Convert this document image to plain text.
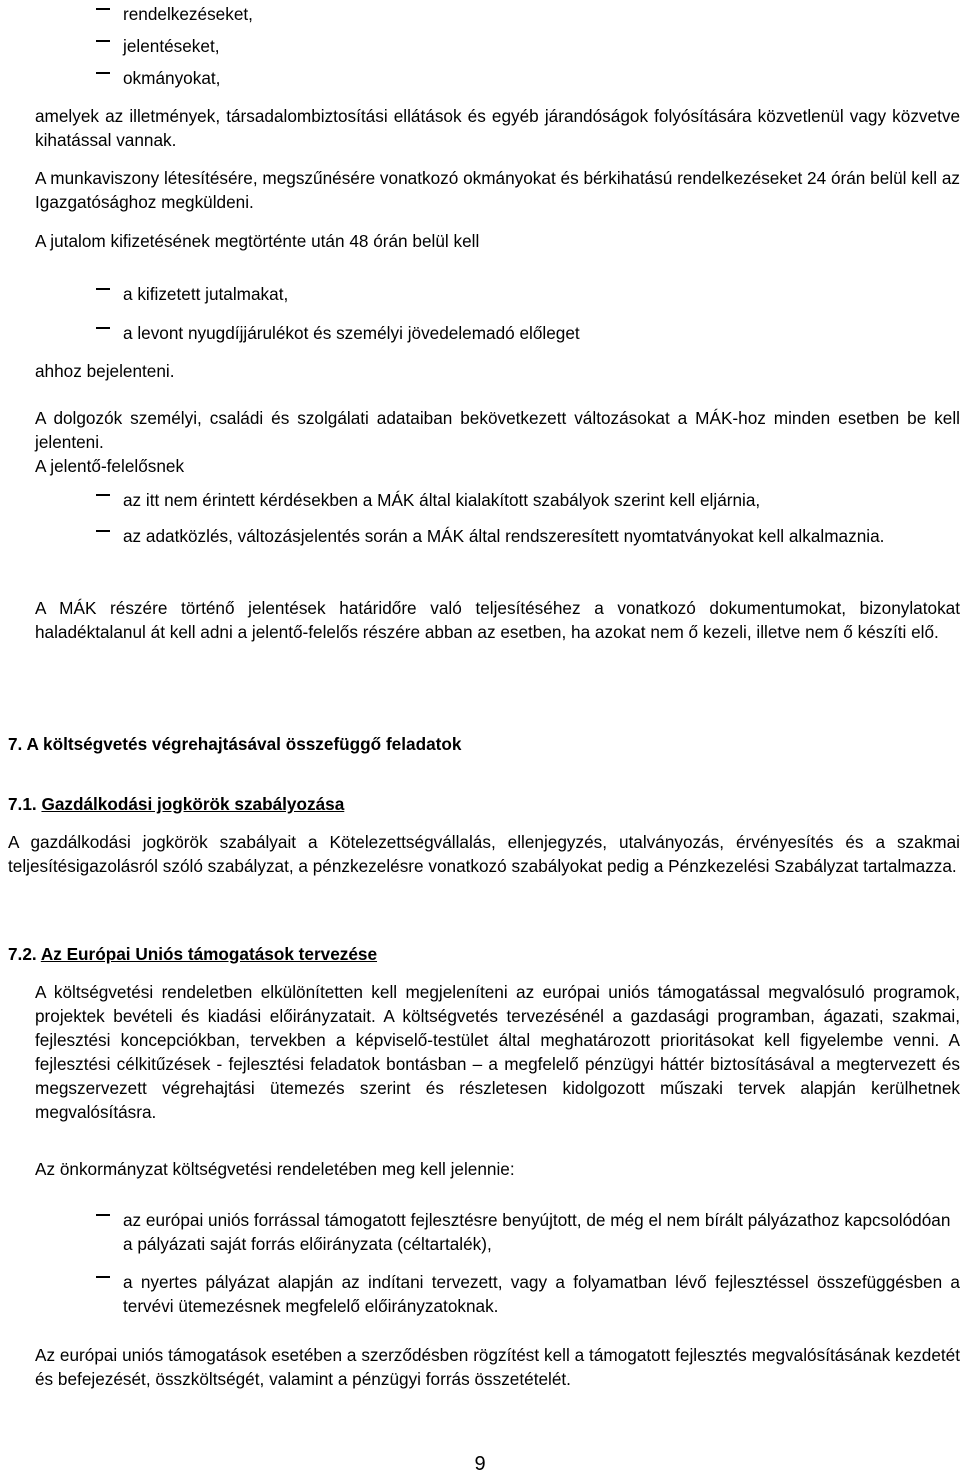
rendelkezéseket,

jelentéseket,

okmányokat,

amelyek az illetmények, társadalombiztosítási ellátások és egyéb járandóságok folyósítására közvetlenül vagy közvetve kihatással vannak.

A munkaviszony létesítésére, megszűnésére vonatkozó okmányokat és bérkihatású rendelkezéseket 24 órán belül kell az Igazgatósághoz megküldeni.

A jutalom kifizetésének megtörténte után 48 órán belül kell

a kifizetett jutalmakat,

a levont nyugdíjjárulékot és személyi jövedelemadó előleget

ahhoz bejelenteni.

A dolgozók személyi, családi és szolgálati adataiban bekövetkezett változásokat a MÁK-hoz minden esetben be kell jelenteni.

A jelentő-felelősnek

az itt nem érintett kérdésekben a MÁK által kialakított szabályok szerint kell eljárnia,

az adatközlés, változásjelentés során a MÁK által rendszeresített nyomtatványokat kell alkalmaznia.

A MÁK részére történő jelentések határidőre való teljesítéséhez a vonatkozó dokumentumokat, bizonylatokat haladéktalanul át kell adni a jelentő-felelős részére abban az esetben, ha azokat nem ő kezeli, illetve nem ő készíti elő.

7. A költségvetés végrehajtásával összefüggő feladatok

7.1. Gazdálkodási jogkörök szabályozása

A gazdálkodási jogkörök szabályait a Kötelezettségvállalás, ellenjegyzés, utalványozás, érvényesítés és a szakmai teljesítésigazolásról szóló szabályzat, a pénzkezelésre vonatkozó szabályokat pedig a Pénzkezelési Szabályzat tartalmazza.

7.2. Az Európai Uniós támogatások tervezése

A költségvetési rendeletben elkülönítetten kell megjeleníteni az európai uniós támogatással megvalósuló programok, projektek bevételi és kiadási előirányzatait. A költségvetés tervezésénél a gazdasági programban, ágazati, szakmai, fejlesztési koncepciókban, tervekben a képviselő-testület által meghatározott prioritásokat kell figyelembe venni. A fejlesztési célkitűzések - fejlesztési feladatok bontásban – a megfelelő pénzügyi háttér biztosításával a megtervezett és megszervezett végrehajtási ütemezés szerint és részletesen kidolgozott műszaki tervek alapján kerülhetnek megvalósításra.

Az önkormányzat költségvetési rendeletében meg kell jelennie:

az európai uniós forrással támogatott fejlesztésre benyújtott, de még el nem bírált pályázathoz kapcsolódóan a pályázati saját forrás előirányzata (céltartalék),

a nyertes pályázat alapján az indítani tervezett, vagy a folyamatban lévő fejlesztéssel összefüggésben a tervévi ütemezésnek megfelelő előirányzatoknak.

Az európai uniós támogatások esetében a szerződésben rögzítést kell a támogatott fejlesztés megvalósításának kezdetét és befejezését, összköltségét, valamint a pénzügyi forrás összetételét.

9
